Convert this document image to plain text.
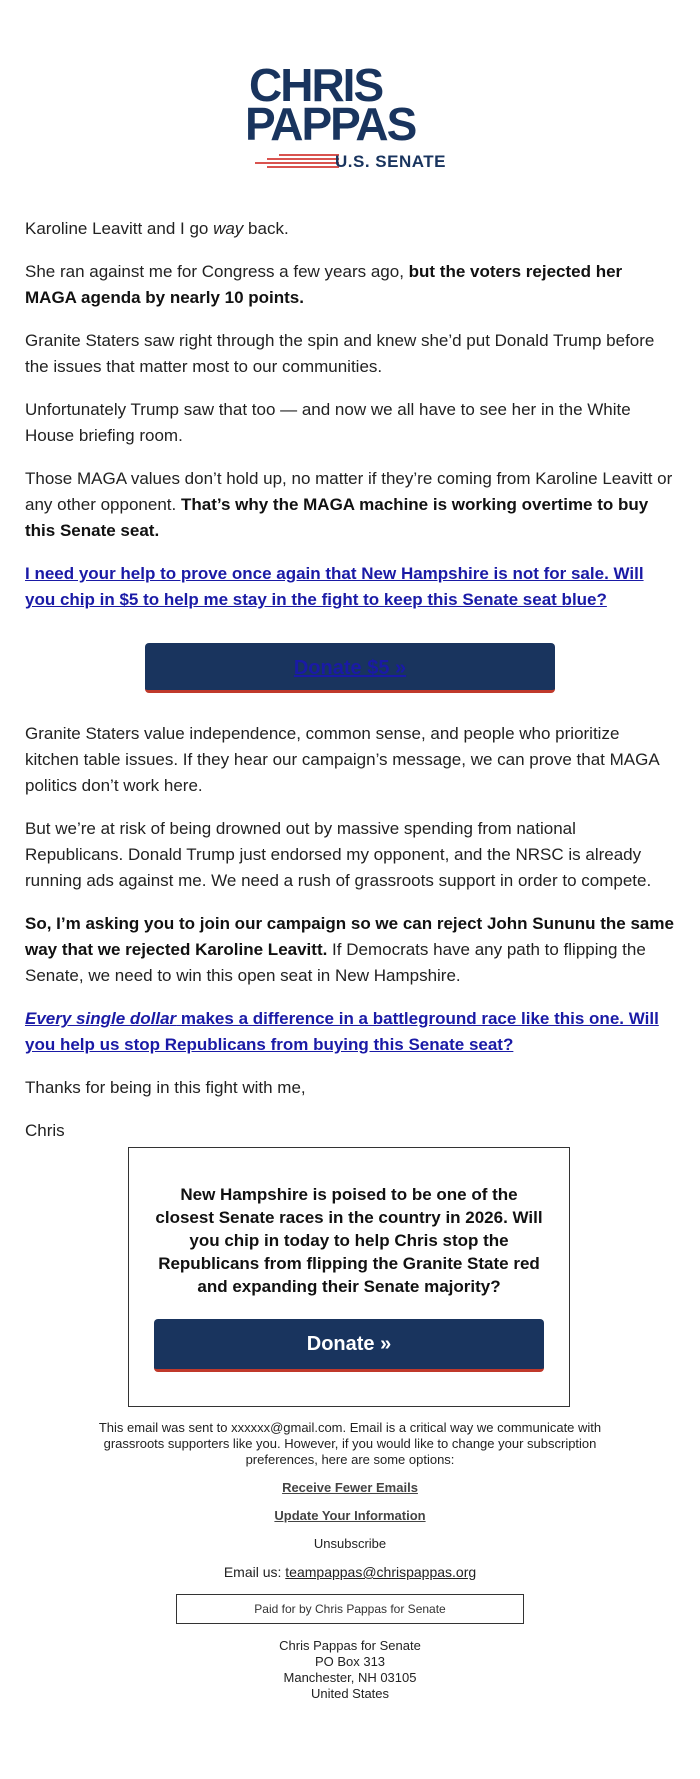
CHRIS
PAPPAS
U.S. SENATE

Karoline Leavitt and I go way back.

She ran against me for Congress a few years ago, but the voters rejected her MAGA agenda by nearly 10 points.

Granite Staters saw right through the spin and knew she’d put Donald Trump before the issues that matter most to our communities.

Unfortunately Trump saw that too — and now we all have to see her in the White House briefing room.

Those MAGA values don’t hold up, no matter if they’re coming from Karoline Leavitt or any other opponent. That’s why the MAGA machine is working overtime to buy this Senate seat.

I need your help to prove once again that New Hampshire is not for sale. Will you chip in $5 to help me stay in the fight to keep this Senate seat blue?

Donate $5 »

Granite Staters value independence, common sense, and people who prioritize kitchen table issues. If they hear our campaign’s message, we can prove that MAGA politics don’t work here.

But we’re at risk of being drowned out by massive spending from national Republicans. Donald Trump just endorsed my opponent, and the NRSC is already running ads against me. We need a rush of grassroots support in order to compete.

So, I’m asking you to join our campaign so we can reject John Sununu the same way that we rejected Karoline Leavitt. If Democrats have any path to flipping the Senate, we need to win this open seat in New Hampshire.

Every single dollar makes a difference in a battleground race like this one. Will you help us stop Republicans from buying this Senate seat?

Thanks for being in this fight with me,

Chris

New Hampshire is poised to be one of the closest Senate races in the country in 2026. Will you chip in today to help Chris stop the Republicans from flipping the Granite State red and expanding their Senate majority?
Donate »

This email was sent to xxxxxx@gmail.com. Email is a critical way we communicate with grassroots supporters like you. However, if you would like to change your subscription preferences, here are some options:

Receive Fewer Emails
Update Your Information
Unsubscribe
Email us: teampappas@chrispappas.org
Paid for by Chris Pappas for Senate
Chris Pappas for Senate
PO Box 313
Manchester, NH 03105
United States
